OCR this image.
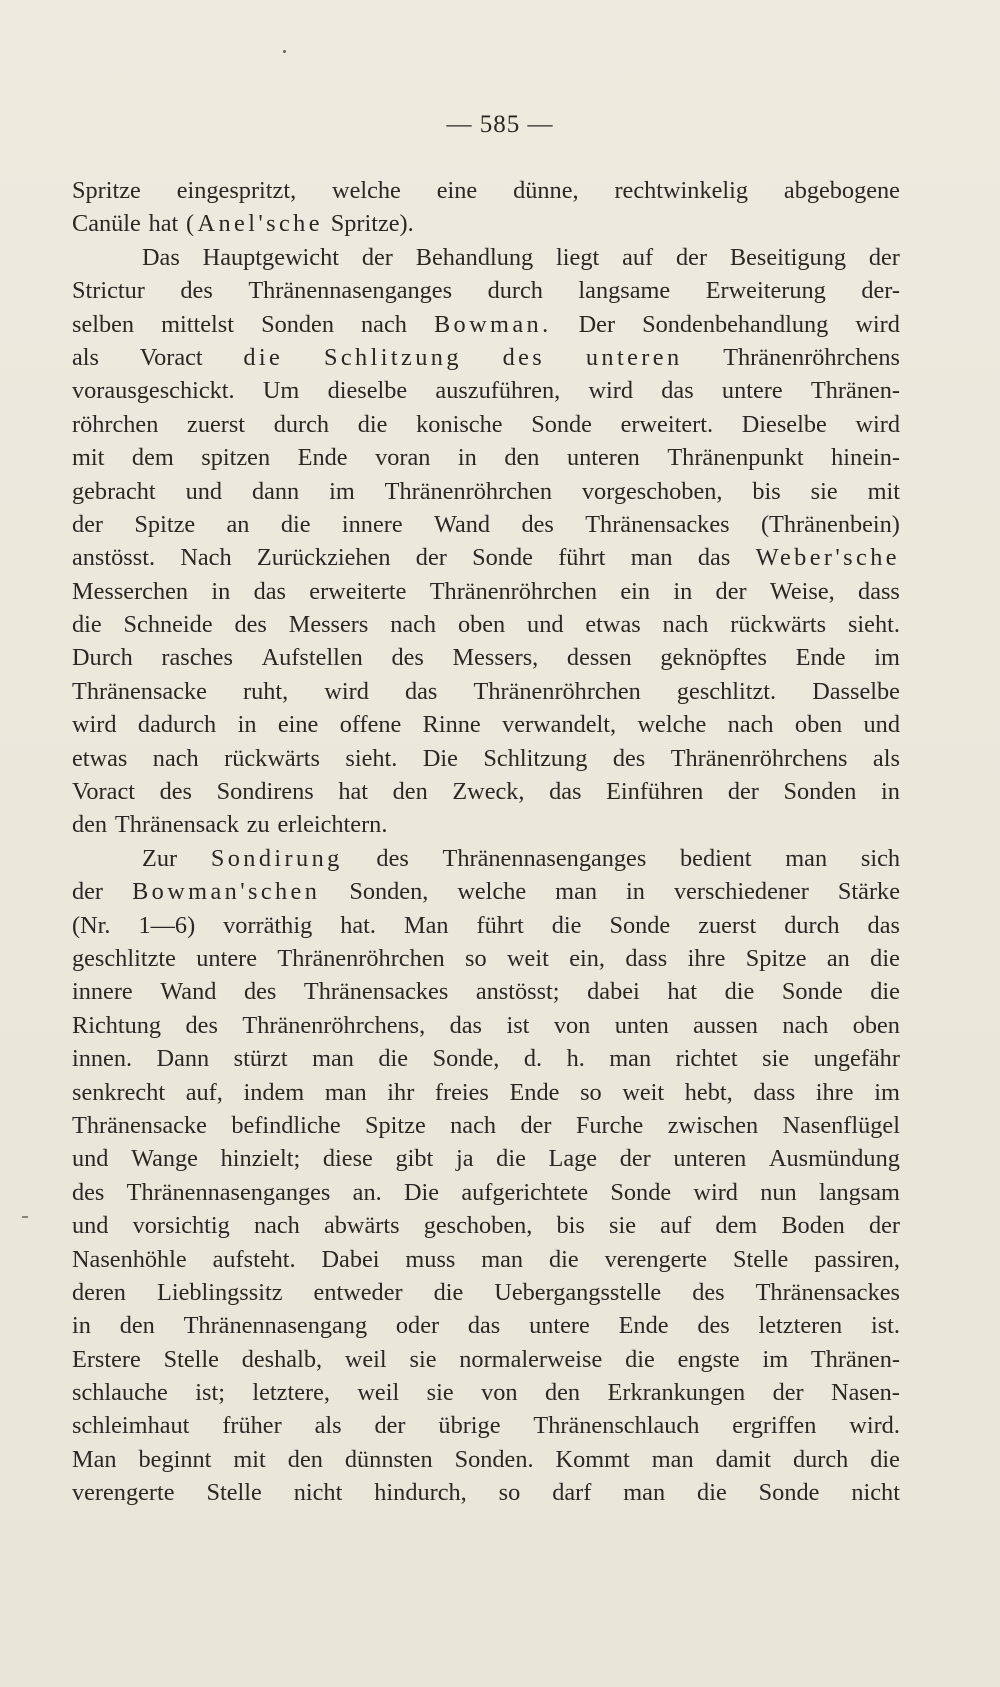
— 585 —
Spritze eingespritzt, welche eine dünne, rechtwinkelig abgebogene
Canüle hat (Anel'sche Spritze).
Das Hauptgewicht der Behandlung liegt auf der Beseitigung der
Strictur des Thränennasenganges durch langsame Erweiterung der-
selben mittelst Sonden nach Bowman. Der Sondenbehandlung wird
als Voract die Schlitzung des unteren Thränenröhrchens
vorausgeschickt. Um dieselbe auszuführen, wird das untere Thränen-
röhrchen zuerst durch die konische Sonde erweitert. Dieselbe wird
mit dem spitzen Ende voran in den unteren Thränenpunkt hinein-
gebracht und dann im Thränenröhrchen vorgeschoben, bis sie mit
der Spitze an die innere Wand des Thränensackes (Thränenbein)
anstösst. Nach Zurückziehen der Sonde führt man das Weber'sche
Messerchen in das erweiterte Thränenröhrchen ein in der Weise, dass
die Schneide des Messers nach oben und etwas nach rückwärts sieht.
Durch rasches Aufstellen des Messers, dessen geknöpftes Ende im
Thränensacke ruht, wird das Thränenröhrchen geschlitzt. Dasselbe
wird dadurch in eine offene Rinne verwandelt, welche nach oben und
etwas nach rückwärts sieht. Die Schlitzung des Thränenröhrchens als
Voract des Sondirens hat den Zweck, das Einführen der Sonden in
den Thränensack zu erleichtern.
Zur Sondirung des Thränennasenganges bedient man sich
der Bowman'schen Sonden, welche man in verschiedener Stärke
(Nr. 1—6) vorräthig hat. Man führt die Sonde zuerst durch das
geschlitzte untere Thränenröhrchen so weit ein, dass ihre Spitze an die
innere Wand des Thränensackes anstösst; dabei hat die Sonde die
Richtung des Thränenröhrchens, das ist von unten aussen nach oben
innen. Dann stürzt man die Sonde, d. h. man richtet sie ungefähr
senkrecht auf, indem man ihr freies Ende so weit hebt, dass ihre im
Thränensacke befindliche Spitze nach der Furche zwischen Nasenflügel
und Wange hinzielt; diese gibt ja die Lage der unteren Ausmündung
des Thränennasenganges an. Die aufgerichtete Sonde wird nun langsam
und vorsichtig nach abwärts geschoben, bis sie auf dem Boden der
Nasenhöhle aufsteht. Dabei muss man die verengerte Stelle passiren,
deren Lieblingssitz entweder die Uebergangsstelle des Thränensackes
in den Thränennasengang oder das untere Ende des letzteren ist.
Erstere Stelle deshalb, weil sie normalerweise die engste im Thränen-
schlauche ist; letztere, weil sie von den Erkrankungen der Nasen-
schleimhaut früher als der übrige Thränenschlauch ergriffen wird.
Man beginnt mit den dünnsten Sonden. Kommt man damit durch die
verengerte Stelle nicht hindurch, so darf man die Sonde nicht
